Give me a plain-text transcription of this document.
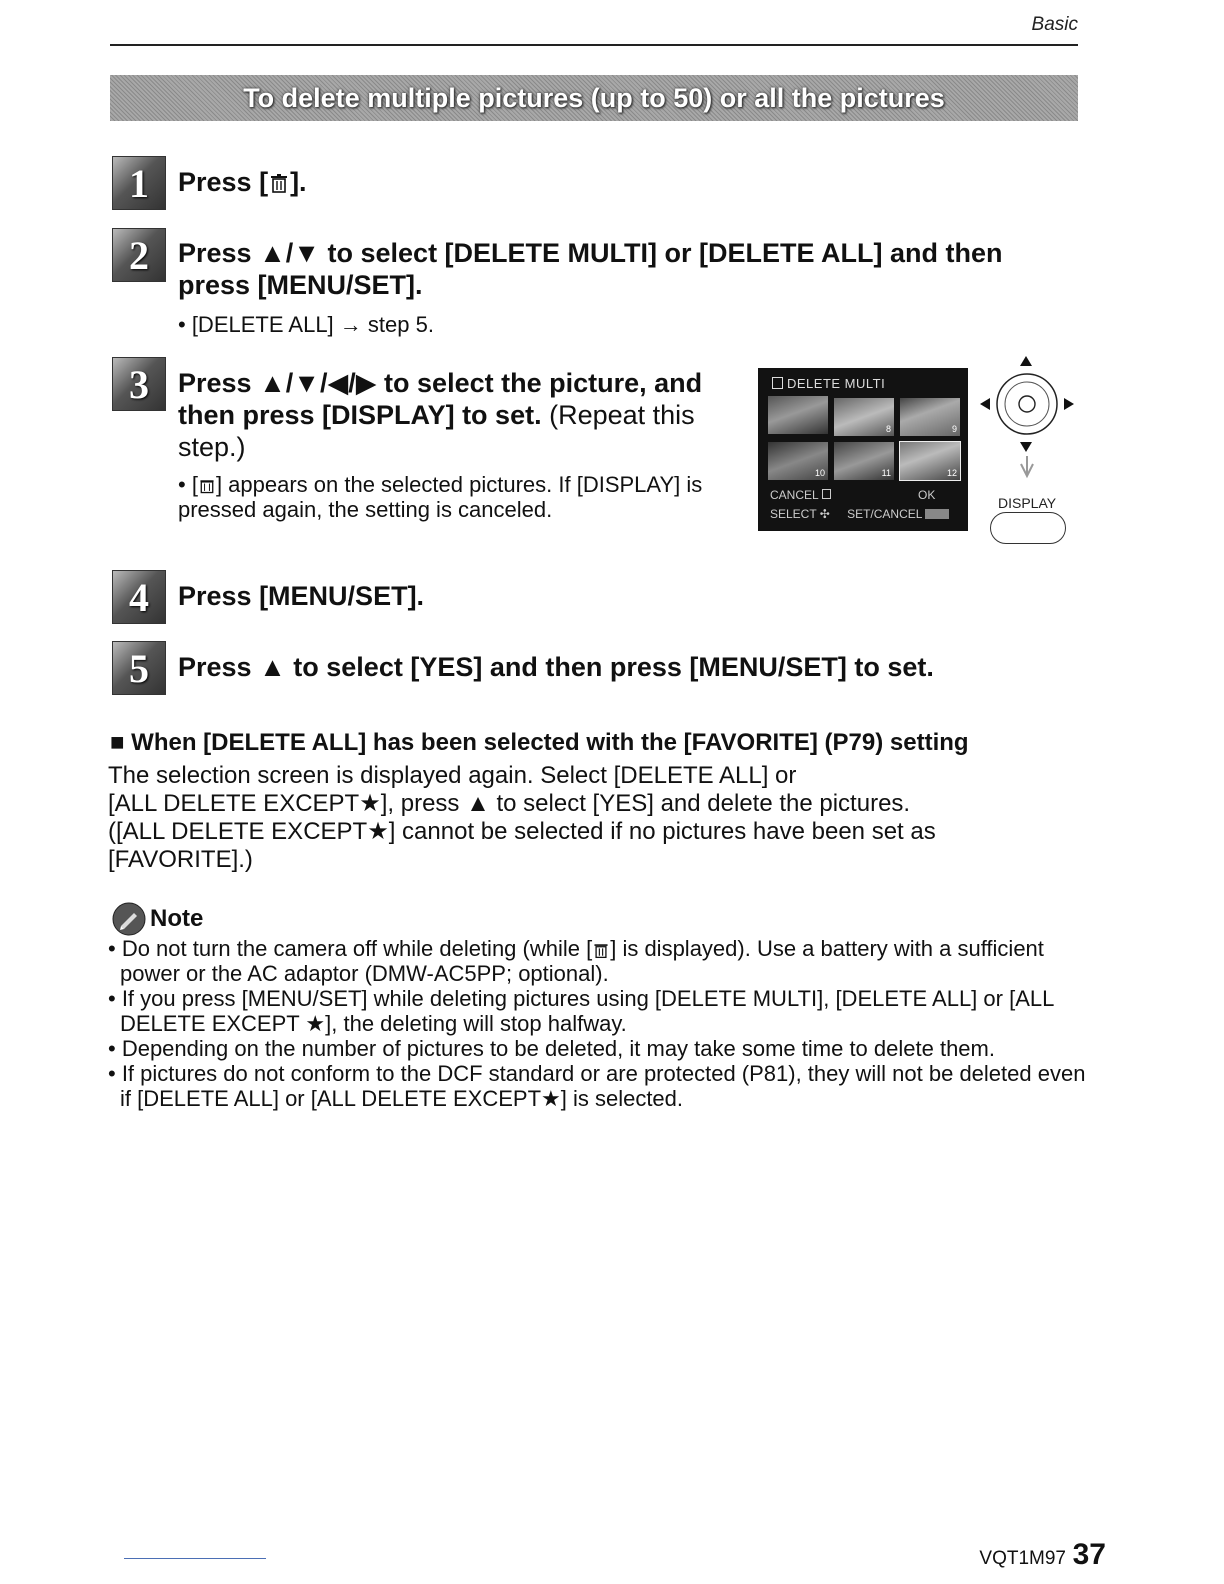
Basic
To delete multiple pictures (up to 50) or all the pictures
1	Press [ ].
2	Press ▲/▼ to select [DELETE MULTI] or [DELETE ALL] and then press [MENU/SET].
• [DELETE ALL] → step 5.
3	Press ▲/▼/◀/▶ to select the picture, and then press [DISPLAY] to set. (Repeat this step.)
• [ ] appears on the selected pictures. If [DISPLAY] is pressed again, the setting is canceled.
DELETE MULTI
8	9
10	11	12
CANCEL	OK
SELECT ✣ SET/CANCEL
DISPLAY
4	Press [MENU/SET].
5	Press ▲ to select [YES] and then press [MENU/SET] to set.
■ When [DELETE ALL] has been selected with the [FAVORITE] (P79) setting
The selection screen is displayed again. Select [DELETE ALL] or
[ALL DELETE EXCEPT★], press ▲ to select [YES] and delete the pictures.
([ALL DELETE EXCEPT★] cannot be selected if no pictures have been set as
[FAVORITE].)
Note
• Do not turn the camera off while deleting (while [ ] is displayed). Use a battery with a sufficient power or the AC adaptor (DMW-AC5PP; optional).
• If you press [MENU/SET] while deleting pictures using [DELETE MULTI], [DELETE ALL] or [ALL DELETE EXCEPT ★], the deleting will stop halfway.
• Depending on the number of pictures to be deleted, it may take some time to delete them.
• If pictures do not conform to the DCF standard or are protected (P81), they will not be deleted even if [DELETE ALL] or [ALL DELETE EXCEPT★] is selected.
VQT1M97 37
